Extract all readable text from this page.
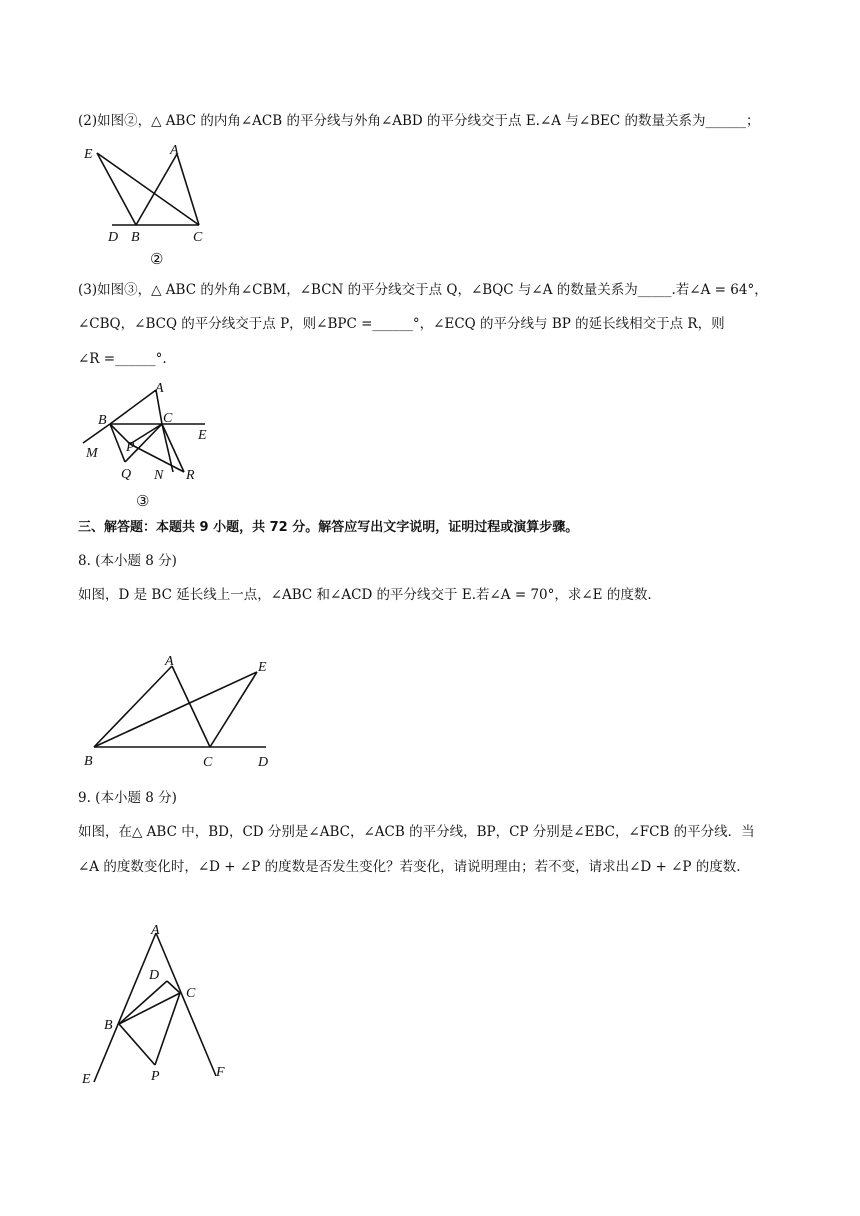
(2)如图②，△ ABC 的内角∠ACB 的平分线与外角∠ABD 的平分线交于点 E.∠A 与∠BEC 的数量关系为______；
E	A
D B	C
②
(3)如图③，△ ABC 的外角∠CBM，∠BCN 的平分线交于点 Q，∠BQC 与∠A 的数量关系为_____.若∠A = 64°，
∠CBQ，∠BCQ 的平分线交于点 P，则∠BPC =______°，∠ECQ 的平分线与 BP 的延长线相交于点 R，则
∠R =______°.
A
B	C
E
M P
Q N R
③
三、解答题：本题共 9 小题，共 72 分。解答应写出文字说明，证明过程或演算步骤。
8. (本小题 8 分)
如图，D 是 BC 延长线上一点，∠ABC 和∠ACD 的平分线交于 E.若∠A = 70°，求∠E 的度数.
A	E
B	C	D
9. (本小题 8 分)
如图，在△ ABC 中，BD，CD 分别是∠ABC，∠ACB 的平分线，BP，CP 分别是∠EBC，∠FCB 的平分线．当
∠A 的度数变化时，∠D + ∠P 的度数是否发生变化？若变化，请说明理由；若不变，请求出∠D + ∠P 的度数.
A
D
C
B
P
E	F
